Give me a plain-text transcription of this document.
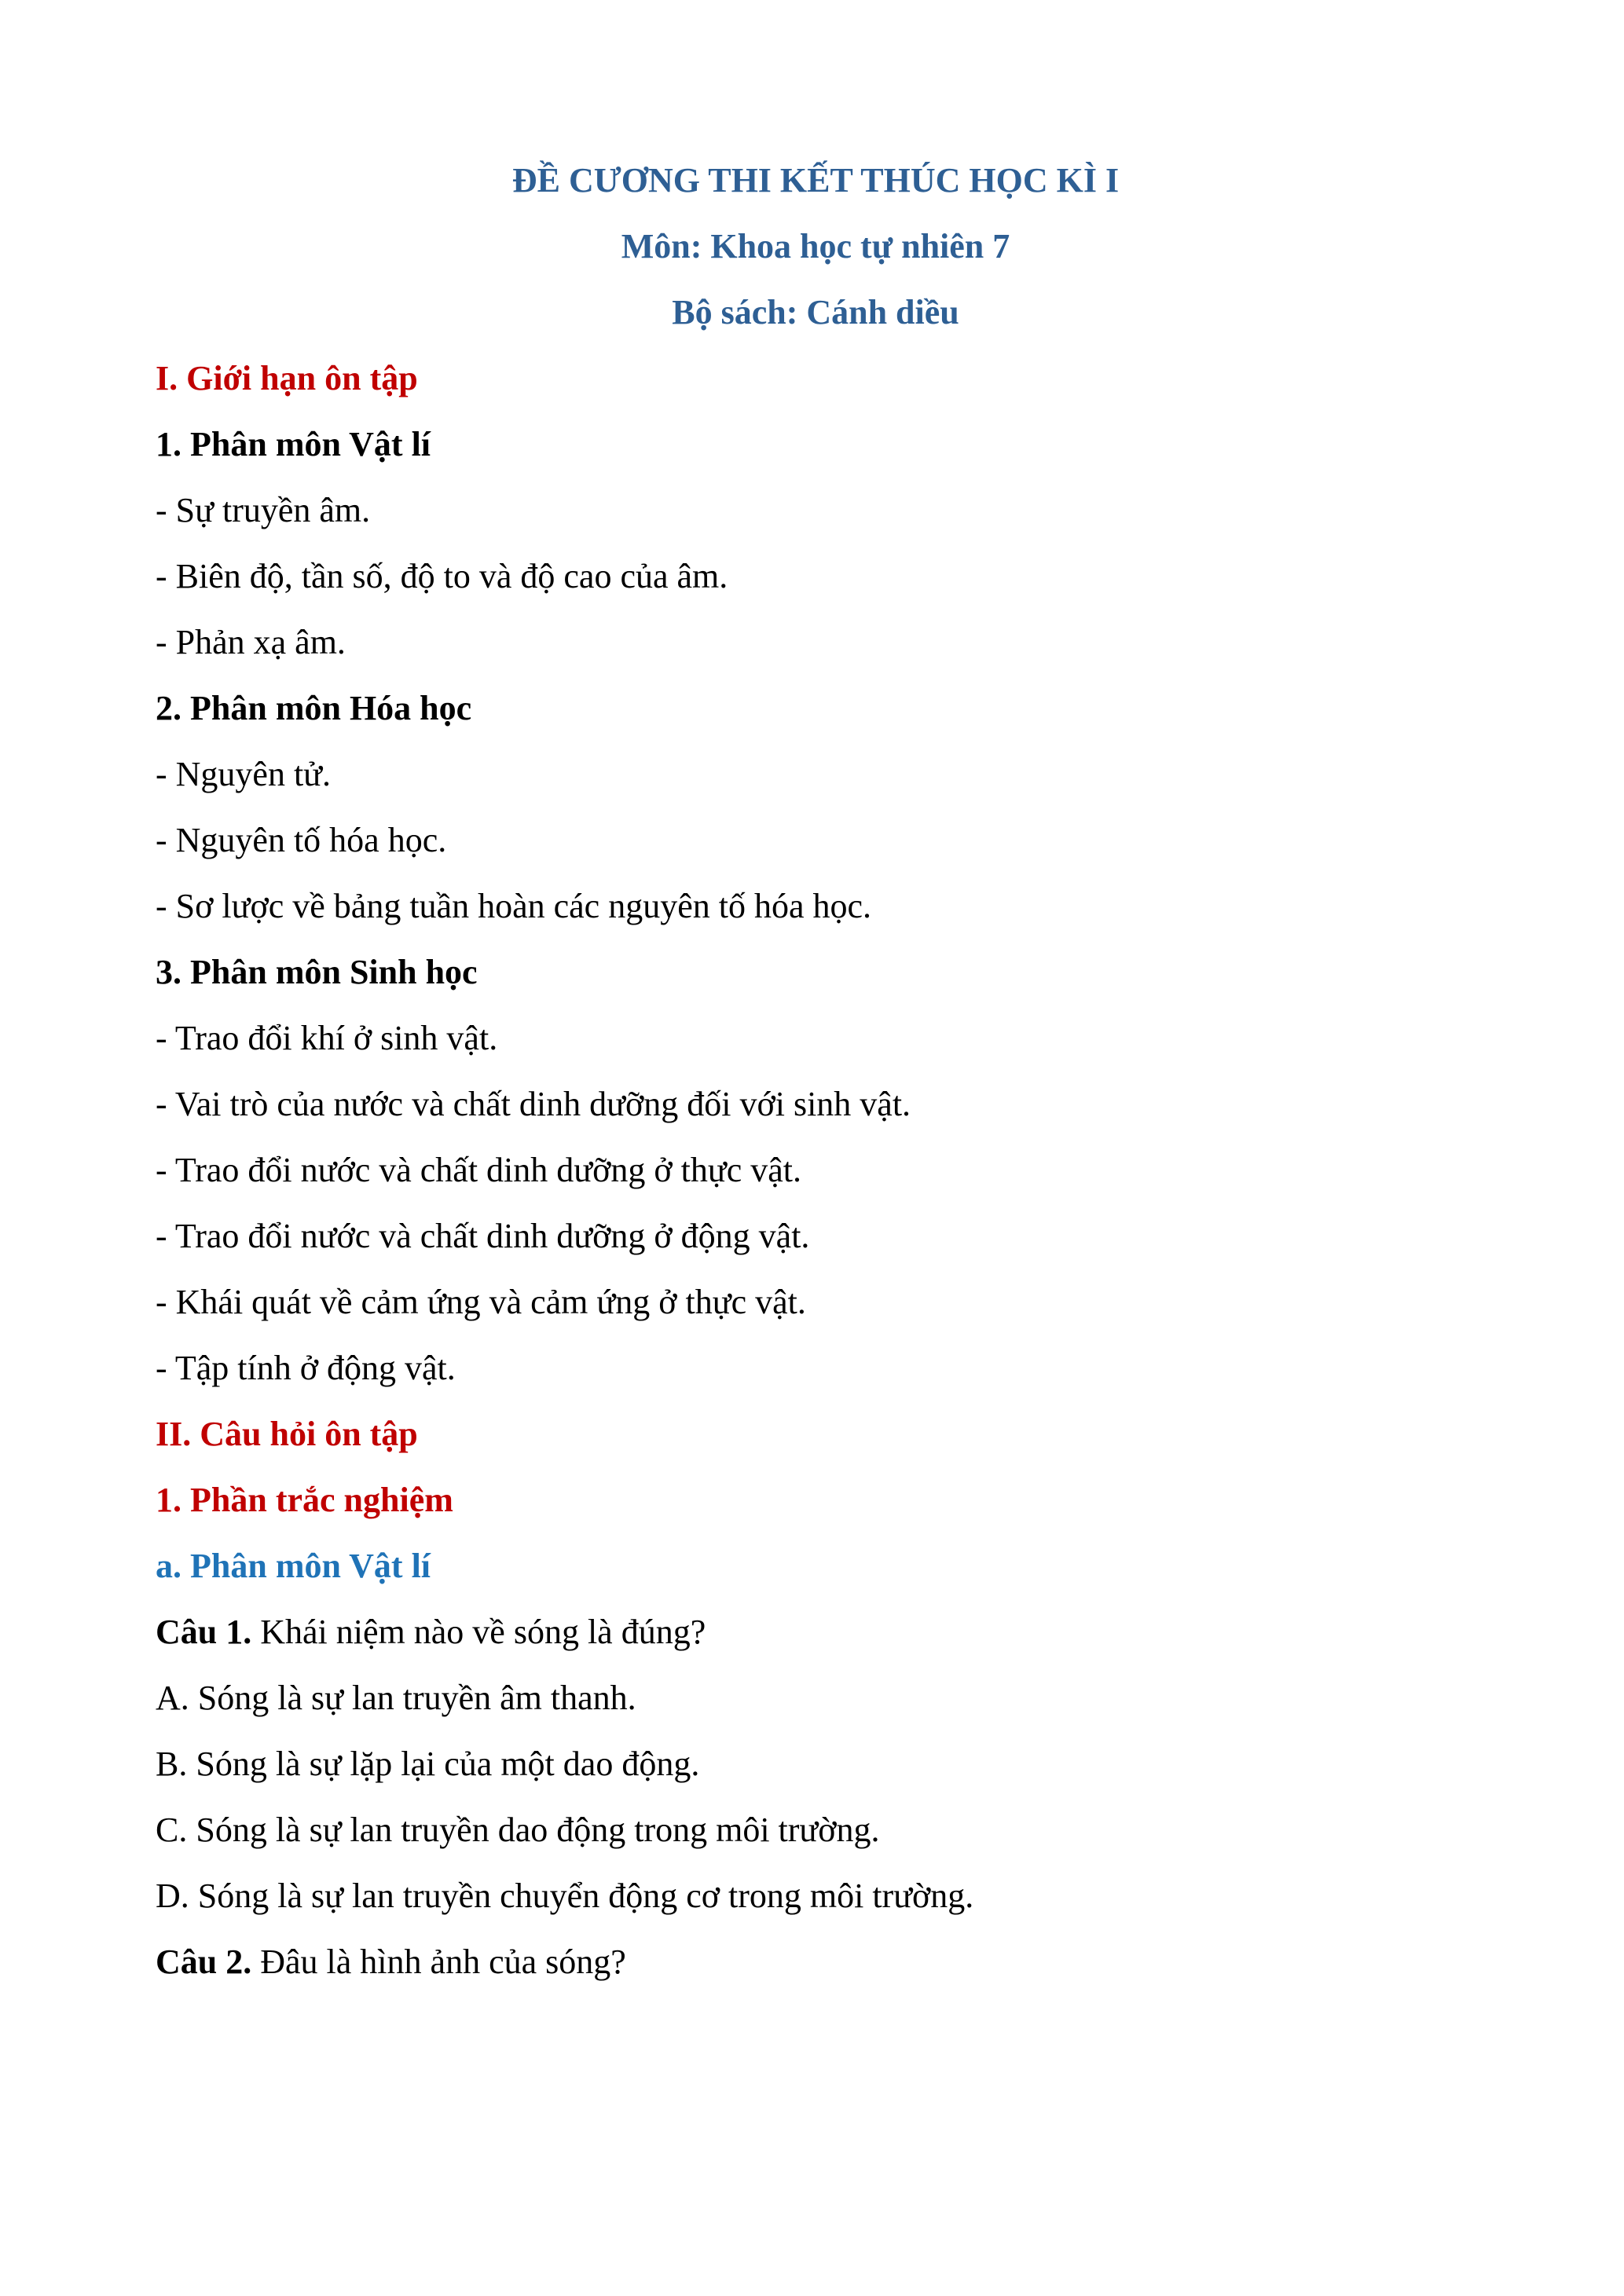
ĐỀ CƯƠNG THI KẾT THÚC HỌC KÌ I
Môn: Khoa học tự nhiên 7
Bộ sách: Cánh diều
I. Giới hạn ôn tập
1. Phân môn Vật lí
- Sự truyền âm.
- Biên độ, tần số, độ to và độ cao của âm.
- Phản xạ âm.
2. Phân môn Hóa học
- Nguyên tử.
- Nguyên tố hóa học.
- Sơ lược về bảng tuần hoàn các nguyên tố hóa học.
3. Phân môn Sinh học
- Trao đổi khí ở sinh vật.
- Vai trò của nước và chất dinh dưỡng đối với sinh vật.
- Trao đổi nước và chất dinh dưỡng ở thực vật.
- Trao đổi nước và chất dinh dưỡng ở động vật.
- Khái quát về cảm ứng và cảm ứng ở thực vật.
- Tập tính ở động vật.
II. Câu hỏi ôn tập
1. Phần trắc nghiệm
a. Phân môn Vật lí
Câu 1. Khái niệm nào về sóng là đúng?
A. Sóng là sự lan truyền âm thanh.
B. Sóng là sự lặp lại của một dao động.
C. Sóng là sự lan truyền dao động trong môi trường.
D. Sóng là sự lan truyền chuyển động cơ trong môi trường.
Câu 2. Đâu là hình ảnh của sóng?
